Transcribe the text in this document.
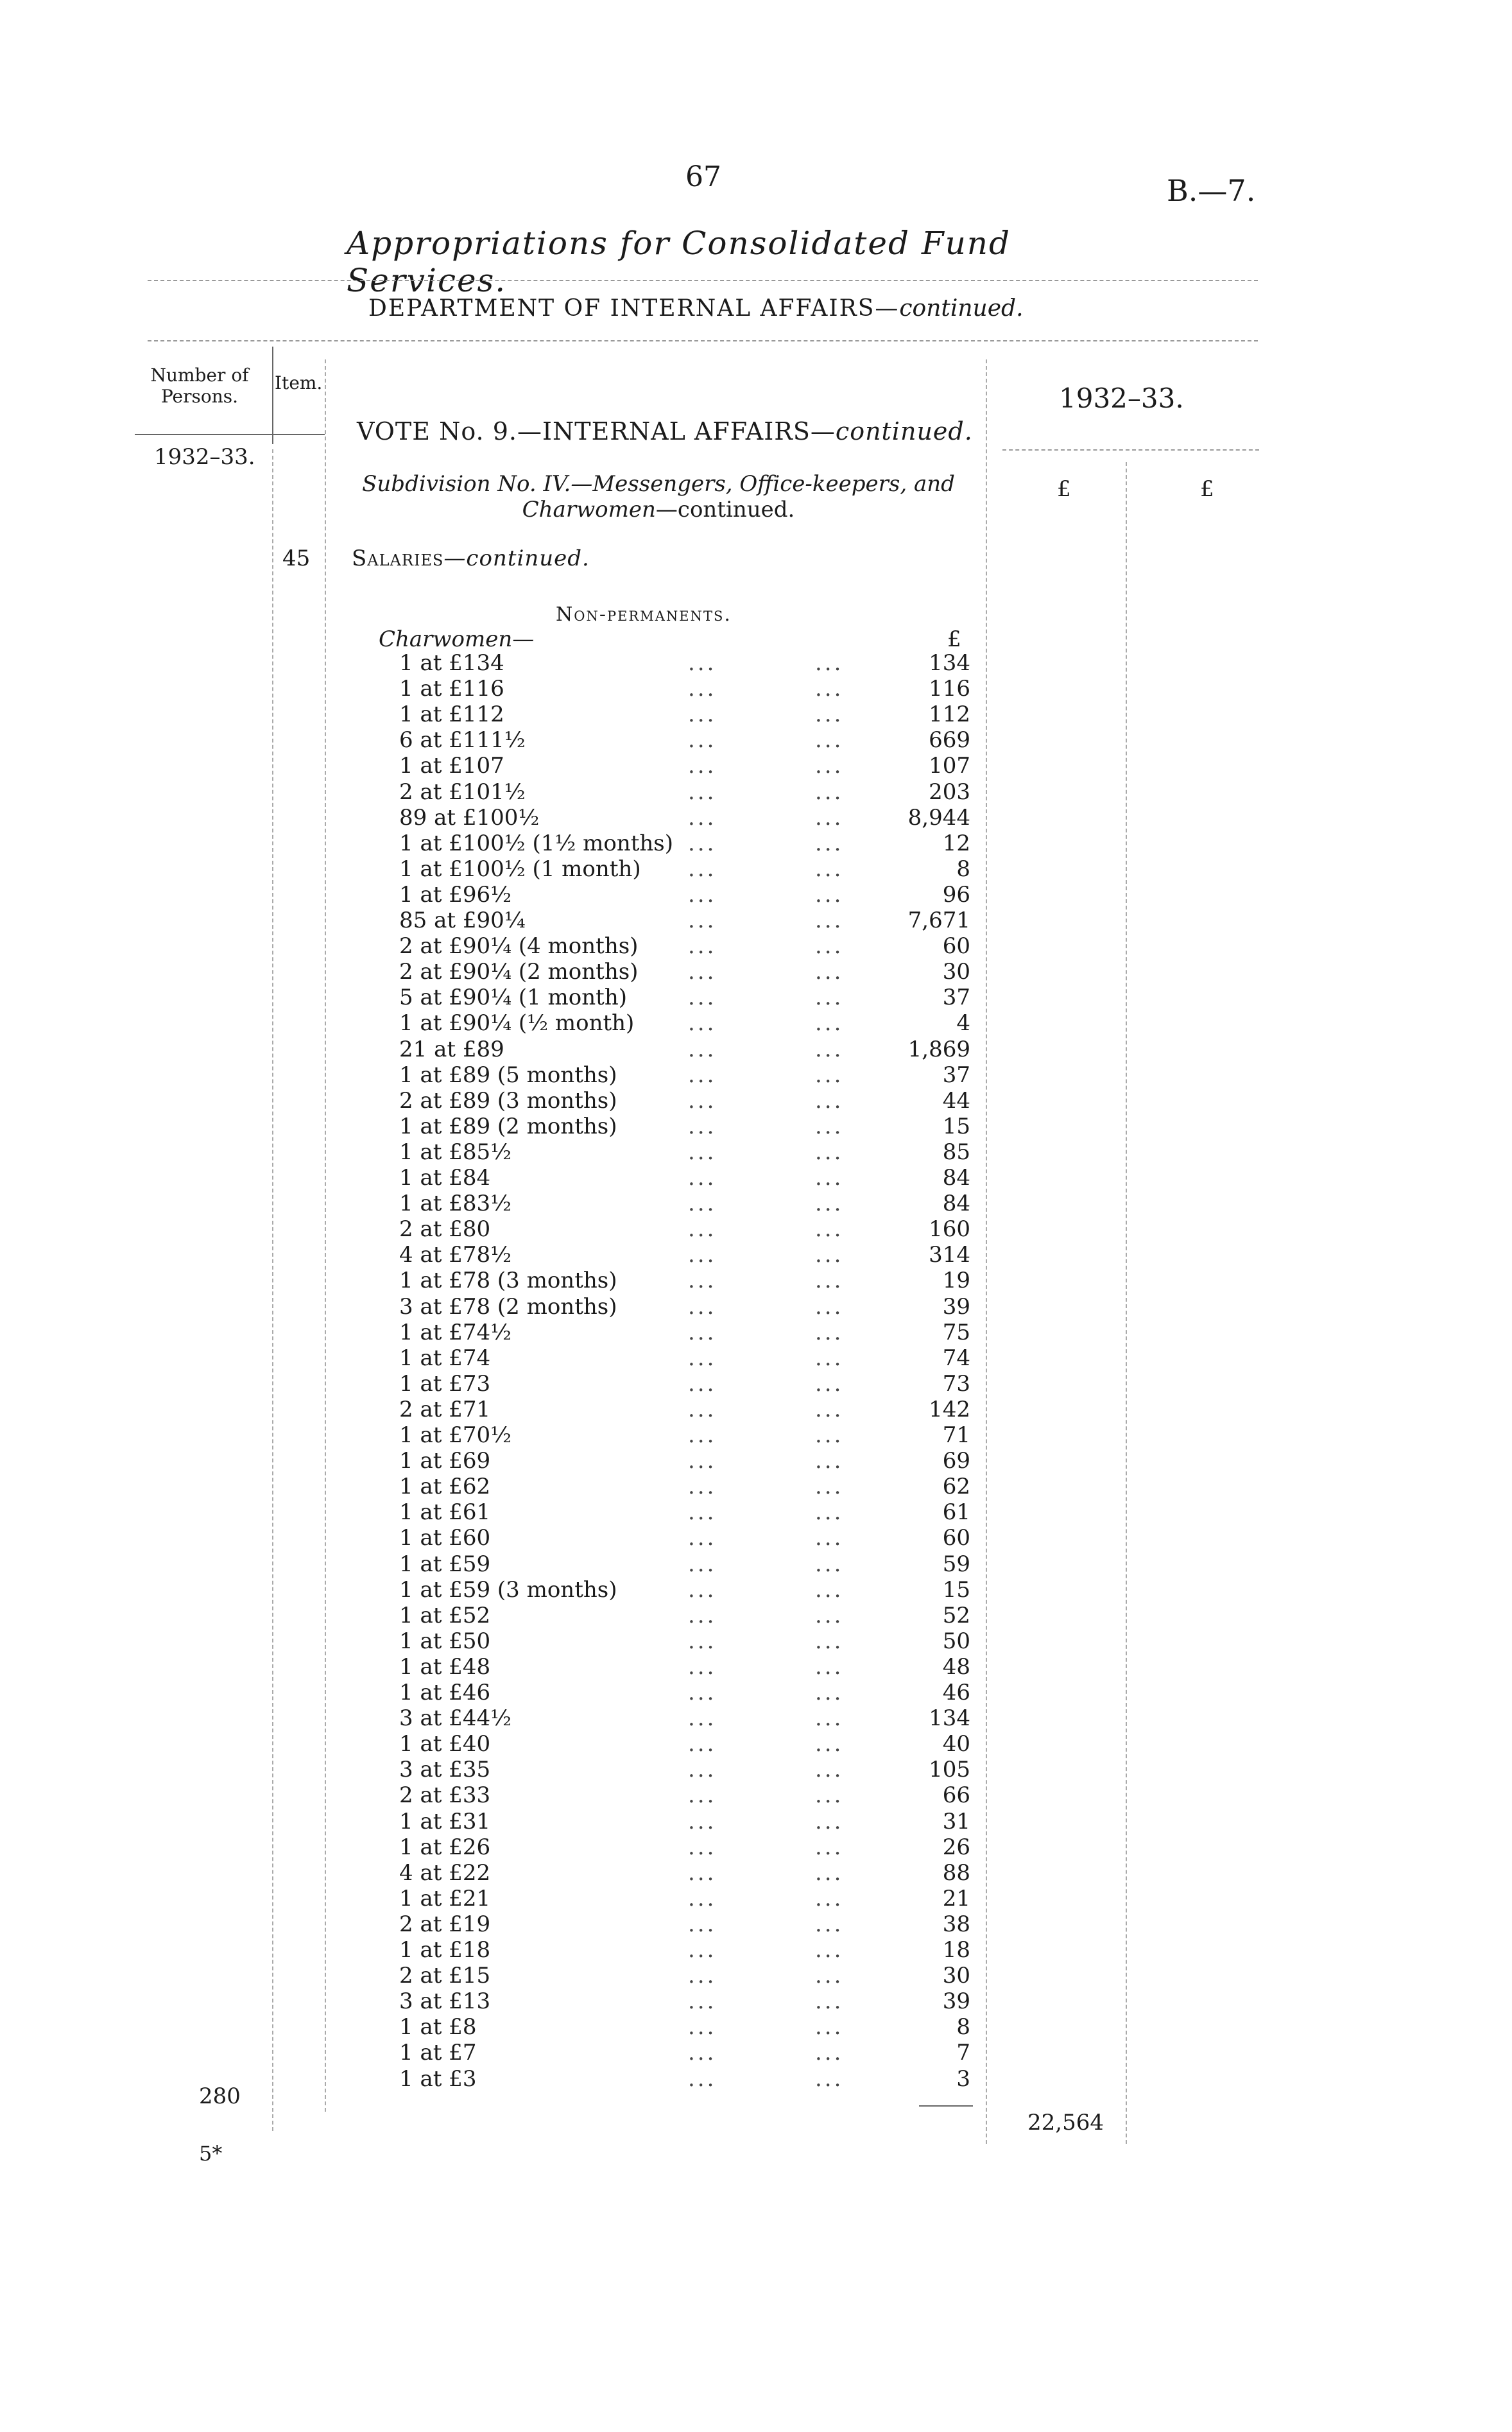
67	B.—7.
Appropriations for Consolidated Fund Services.
DEPARTMENT OF INTERNAL AFFAIRS—continued.
Number of Persons.
Item.
1932–33.
1932–33.
£	£
VOTE No. 9.—INTERNAL AFFAIRS—continued.
Subdivision No. IV.—Messengers, Office-keepers, and
Charwomen—continued.
45 Salaries—continued.
Non-permanents.
Charwomen—	£
1 at £134	...	...	134
1 at £116	...	...	116
1 at £112	...	...	112
6 at £111½	...	...	669
1 at £107	...	...	107
2 at £101½	...	...	203
89 at £100½	...	...	8,944
1 at £100½ (1½ months) ...	...	12
1 at £100½ (1 month) ...	...	8
1 at £96½	...	...	96
85 at £90¼	...	...	7,671
2 at £90¼ (4 months) ...	...	60
2 at £90¼ (2 months) ...	...	30
5 at £90¼ (1 month)	...	...	37
1 at £90¼ (½ month) ...	...	4
21 at £89	...	...	1,869
1 at £89 (5 months)	...	...	37
2 at £89 (3 months)	...	...	44
1 at £89 (2 months)	...	...	15
1 at £85½	...	...	85
1 at £84	...	...	84
1 at £83½	...	...	84
2 at £80	...	...	160
4 at £78½	...	...	314
1 at £78 (3 months)	...	...	19
3 at £78 (2 months)	...	...	39
1 at £74½	...	...	75
1 at £74	...	...	74
1 at £73	...	...	73
2 at £71	...	...	142
1 at £70½	...	...	71
1 at £69	...	...	69
1 at £62	...	...	62
1 at £61	...	...	61
1 at £60	...	...	60
1 at £59	...	...	59
1 at £59 (3 months)	...	...	15
1 at £52	...	...	52
1 at £50	...	...	50
1 at £48	...	...	48
1 at £46	...	...	46
3 at £44½	...	...	134
1 at £40	...	...	40
3 at £35	...	...	105
2 at £33	...	...	66
1 at £31	...	...	31
1 at £26	...	...	26
4 at £22	...	...	88
1 at £21	...	...	21
2 at £19	...	...	38
1 at £18	...	...	18
2 at £15	...	...	30
3 at £13	...	...	39
1 at £8	...	...	8
1 at £7	...	...	7
1 at £3	...	...	3
280
22,564
5*
